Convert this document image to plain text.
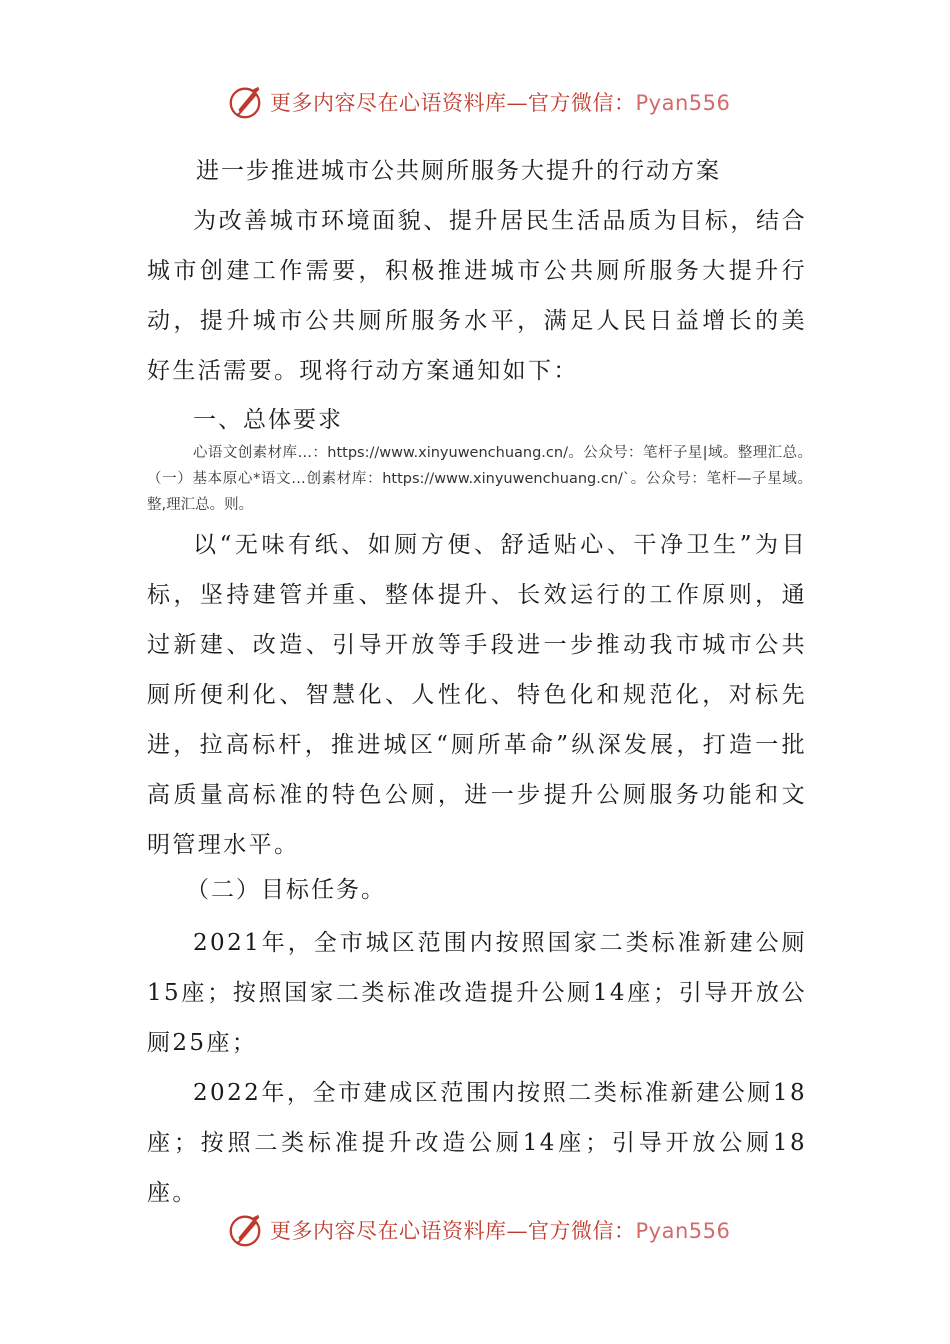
更多内容尽在心语资料库—官方微信：Pyan556
进一步推进城市公共厕所服务大提升的行动方案

为改善城市环境面貌、提升居民生活品质为目标，结合城市创建工作需要，积极推进城市公共厕所服务大提升行动，提升城市公共厕所服务水平，满足人民日益增长的美好生活需要。现将行动方案通知如下：

一、总体要求

心语文创素材库…：https://www.xinyuwenchuang.cn/。公众号：笔杆子星|域。整理汇总。（一）基本原心*语文…创素材库：https://www.xinyuwenchuang.cn/`。公众号：笔杆—子星域。整,理汇总。则。

以“无味有纸、如厕方便、舒适贴心、干净卫生”为目标，坚持建管并重、整体提升、长效运行的工作原则，通过新建、改造、引导开放等手段进一步推动我市城市公共厕所便利化、智慧化、人性化、特色化和规范化，对标先进，拉高标杆，推进城区“厕所革命”纵深发展，打造一批高质量高标准的特色公厕，进一步提升公厕服务功能和文明管理水平。

（二）目标任务。

2021年，全市城区范围内按照国家二类标准新建公厕15座；按照国家二类标准改造提升公厕14座；引导开放公厕25座；

2022年，全市建成区范围内按照二类标准新建公厕18座；按照二类标准提升改造公厕14座；引导开放公厕18座。

更多内容尽在心语资料库—官方微信：Pyan556
